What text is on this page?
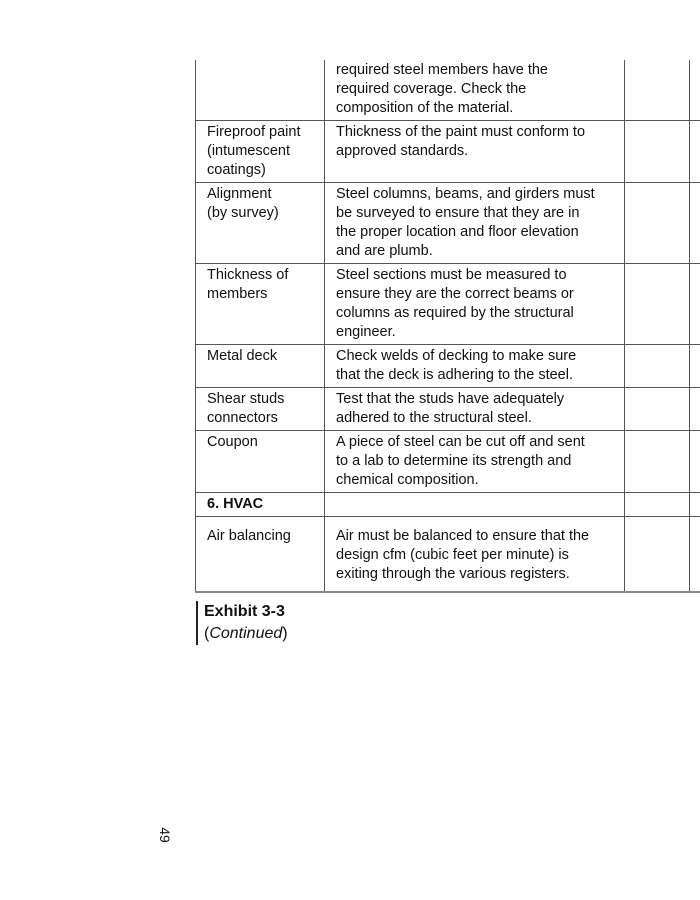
	required steel members have the
required coverage. Check the
composition of the material.		
Fireproof paint
(intumescent
coatings)	Thickness of the paint must conform to
approved standards.		
Alignment
(by survey)	Steel columns, beams, and girders must
be surveyed to ensure that they are in
the proper location and floor elevation
and are plumb.		
Thickness of
members	Steel sections must be measured to
ensure they are the correct beams or
columns as required by the structural
engineer.		
Metal deck	Check welds of decking to make sure
that the deck is adhering to the steel.		
Shear studs
connectors	Test that the studs have adequately
adhered to the structural steel.		
Coupon	A piece of steel can be cut off and sent
to a lab to determine its strength and
chemical composition.		
6. HVAC			
Air balancing	Air must be balanced to ensure that the
design cfm (cubic feet per minute) is
exiting through the various registers.		
Exhibit 3-3
(Continued)
49
